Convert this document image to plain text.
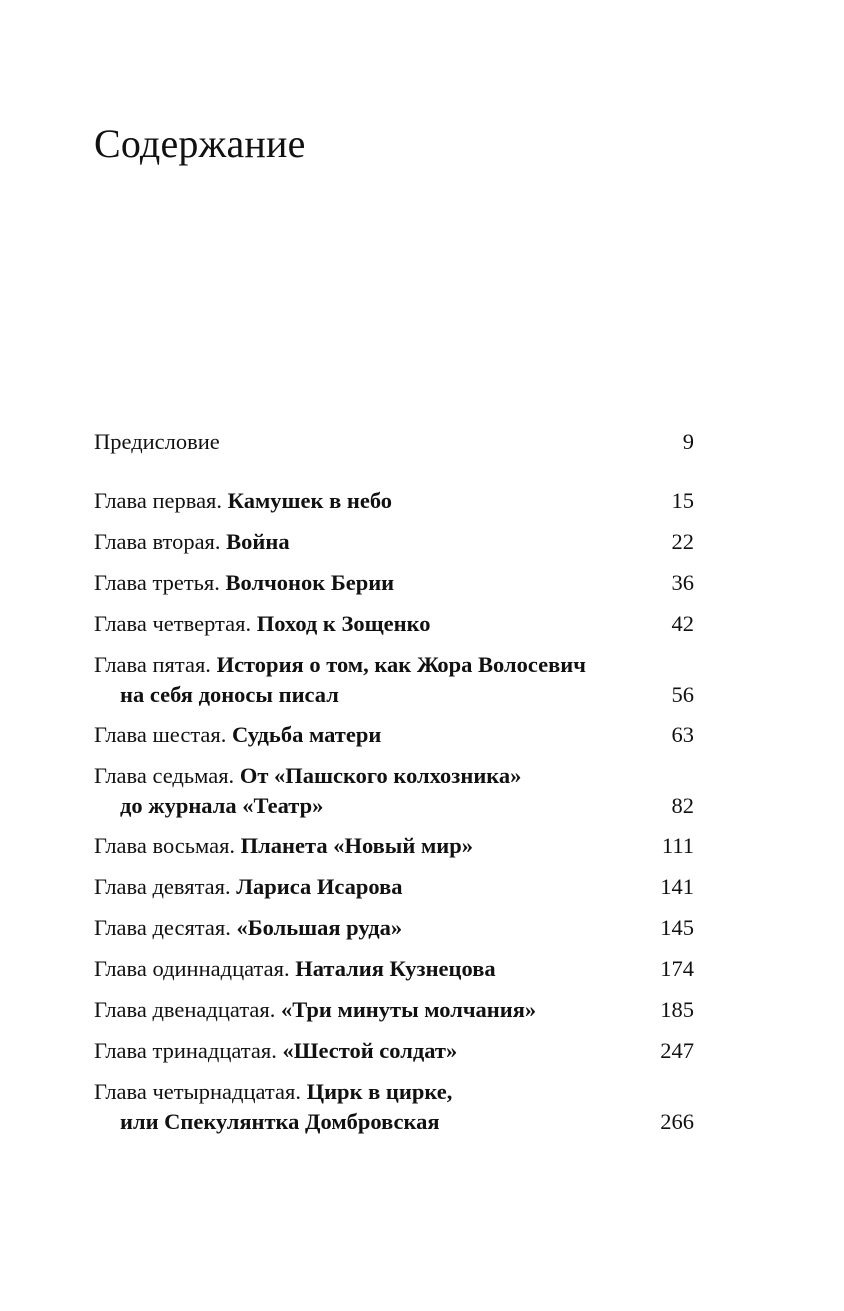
Содержание
Предисловие	9
Глава первая. Камушек в небо	15
Глава вторая. Война	22
Глава третья. Волчонок Берии	36
Глава четвертая. Поход к Зощенко	42
Глава пятая. История о том, как Жора Волосевич
на себя доносы писал	56
Глава шестая. Судьба матери	63
Глава седьмая. От «Пашского колхозника»
до журнала «Театр»	82
Глава восьмая. Планета «Новый мир»	111
Глава девятая. Лариса Исарова	141
Глава десятая. «Большая руда»	145
Глава одиннадцатая. Наталия Кузнецова	174
Глава двенадцатая. «Три минуты молчания»	185
Глава тринадцатая. «Шестой солдат»	247
Глава четырнадцатая. Цирк в цирке,
или Спекулянтка Домбровская	266
